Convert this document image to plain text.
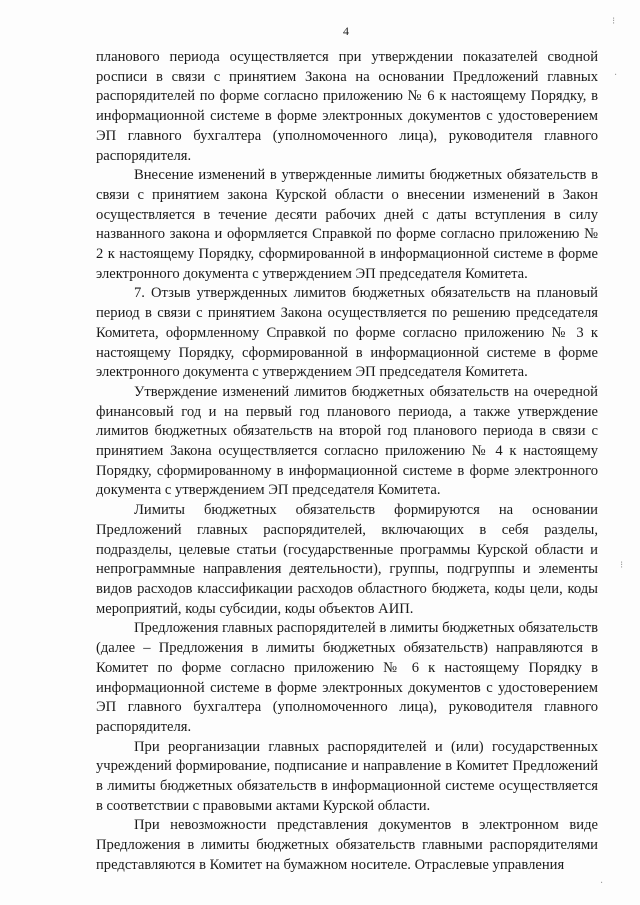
4

планового периода осуществляется при утверждении показателей сводной росписи в связи с принятием Закона на основании Предложений главных распорядителей по форме согласно приложению № 6 к настоящему Порядку, в информационной системе в форме электронных документов с удостоверением ЭП главного бухгалтера (уполномоченного лица), руководителя главного распорядителя.

Внесение изменений в утвержденные лимиты бюджетных обязательств в связи с принятием закона Курской области о внесении изменений в Закон осуществляется в течение десяти рабочих дней с даты вступления в силу названного закона и оформляется Справкой по форме согласно приложению № 2 к настоящему Порядку, сформированной в информационной системе в форме электронного документа с утверждением ЭП председателя Комитета.

7. Отзыв утвержденных лимитов бюджетных обязательств на плановый период в связи с принятием Закона осуществляется по решению председателя Комитета, оформленному Справкой по форме согласно приложению № 3 к настоящему Порядку, сформированной в информационной системе в форме электронного документа с утверждением ЭП председателя Комитета.

Утверждение изменений лимитов бюджетных обязательств на очередной финансовый год и на первый год планового периода, а также утверждение лимитов бюджетных обязательств на второй год планового периода в связи с принятием Закона осуществляется согласно приложению № 4 к настоящему Порядку, сформированному в информационной системе в форме электронного документа с утверждением ЭП председателя Комитета.

Лимиты бюджетных обязательств формируются на основании Предложений главных распорядителей, включающих в себя разделы, подразделы, целевые статьи (государственные программы Курской области и непрограммные направления деятельности), группы, подгруппы и элементы видов расходов классификации расходов областного бюджета, коды цели, коды мероприятий, коды субсидии, коды объектов АИП.

Предложения главных распорядителей в лимиты бюджетных обязательств (далее – Предложения в лимиты бюджетных обязательств) направляются в Комитет по форме согласно приложению № 6 к настоящему Порядку в информационной системе в форме электронных документов с удостоверением ЭП главного бухгалтера (уполномоченного лица), руководителя главного распорядителя.

При реорганизации главных распорядителей и (или) государственных учреждений формирование, подписание и направление в Комитет Предложений в лимиты бюджетных обязательств в информационной системе осуществляется в соответствии с правовыми актами Курской области.

При невозможности представления документов в электронном виде Предложения в лимиты бюджетных обязательств главными распорядителями представляются в Комитет на бумажном носителе. Отраслевые управления

⁝
·
⁝
·
